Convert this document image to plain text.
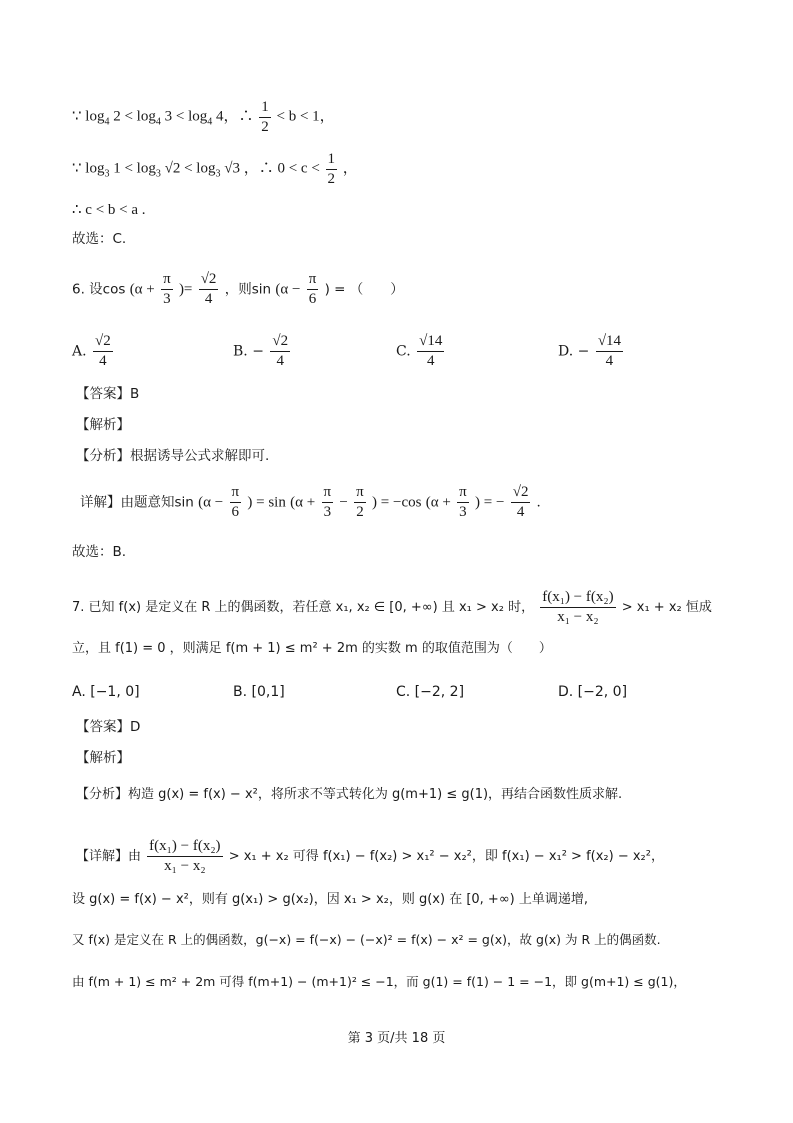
∵ $\log_4 2 < \log_4 3 < \log_4 4$，∴ $\frac{1}{2} < b < 1$，
∵ $\log_3 1 < \log_3 √2 < \log_3 √3$ ，∴ $0 < c < \frac{1}{2}$ ，
∴ c < b < a .
故选：C.
6. 设$\cos (\alpha + \frac{\pi}{3}$ )= $\frac{√2}{4}$ ，则$\sin (\alpha - \frac{\pi}{6}$ ) = （　　）
A. $\frac{√2}{4}$	B. − $\frac{√2}{4}$	C. $\frac{√14}{4}$	D. − $\frac{√14}{4}$
【答案】B
【解析】
【分析】根据诱导公式求解即可.
详解】由题意知$\sin (\alpha - \frac{\pi}{6}$ ) = $\sin (\alpha + \frac{\pi}{3} - \frac{\pi}{2}$ ) = −cos ($\alpha + \frac{\pi}{3}$ ) = − $\frac{√2}{4}$ .
故选：B.
7. 已知 f(x) 是定义在 R 上的偶函数，若任意 x₁, x₂ ∈ [0, +∞) 且 x₁ > x₂ 时， $\frac{\text{f(x₁) − f(x₂)}}{\text{x₁ − x₂}} > x_1 + x_2$ 恒成
立，且 f(1) = 0 ，则满足 f(m + 1) ≤ m² + 2m 的实数 m 的取值范围为（　　）
A. [−1, 0]	B. [0,1]	C. [−2, 2]	D. [−2, 0]
【答案】D
【解析】
【分析】构造 g(x) = f(x) − x²，将所求不等式转化为 g(m+1) ≤ g(1)，再结合函数性质求解.
【详解】由 $\frac{\text{f(x₁) − f(x₂)}}{\text{x₁ − x₂}} > x_1 + x_2$ 可得 f(x₁) − f(x₂) > x₁² − x₂²，即 f(x₁) − x₁² > f(x₂) − x₂²，
设 g(x) = f(x) − x²，则有 g(x₁) > g(x₂)，因 x₁ > x₂，则 g(x) 在 [0, +∞) 上单调递增,
又 f(x) 是定义在 R 上的偶函数，g(−x) = f(−x) − (−x)² = f(x) − x² = g(x)，故 g(x) 为 R 上的偶函数.
由 f(m + 1) ≤ m² + 2m 可得 f(m+1) − (m+1)² ≤ −1，而 g(1) = f(1) − 1 = −1，即 g(m+1) ≤ g(1)，
第 3 页/共 18 页
